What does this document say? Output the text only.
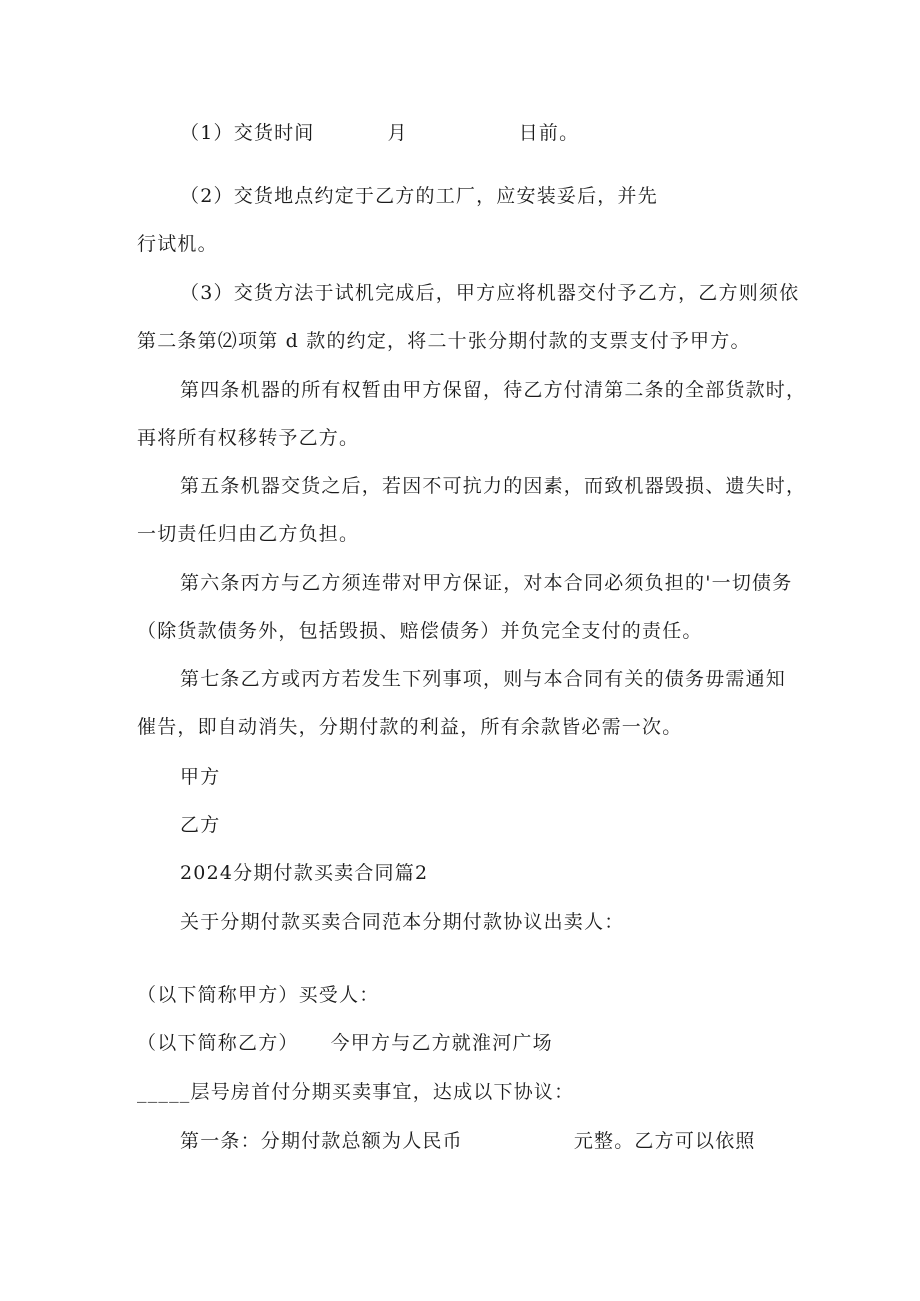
（1）交货时间	月	日前。
（2）交货地点约定于乙方的工厂，应安装妥后，并先
行试机。
（3）交货方法于试机完成后，甲方应将机器交付予乙方，乙方则须依
第二条第⑵项第 d 款的约定，将二十张分期付款的支票支付予甲方。
第四条机器的所有权暂由甲方保留，待乙方付清第二条的全部货款时，
再将所有权移转予乙方。
第五条机器交货之后，若因不可抗力的因素，而致机器毁损、遗失时，
一切责任归由乙方负担。
第六条丙方与乙方须连带对甲方保证，对本合同必须负担的'一切债务
（除货款债务外，包括毁损、赔偿债务）并负完全支付的责任。
第七条乙方或丙方若发生下列事项，则与本合同有关的债务毋需通知
催告，即自动消失，分期付款的利益，所有余款皆必需一次。
甲方
乙方
2024分期付款买卖合同篇2
关于分期付款买卖合同范本分期付款协议出卖人：
（以下简称甲方）买受人：
（以下简称乙方） 今甲方与乙方就淮河广场
_____层号房首付分期买卖事宜，达成以下协议：
第一条：分期付款总额为人民币	元整。乙方可以依照
